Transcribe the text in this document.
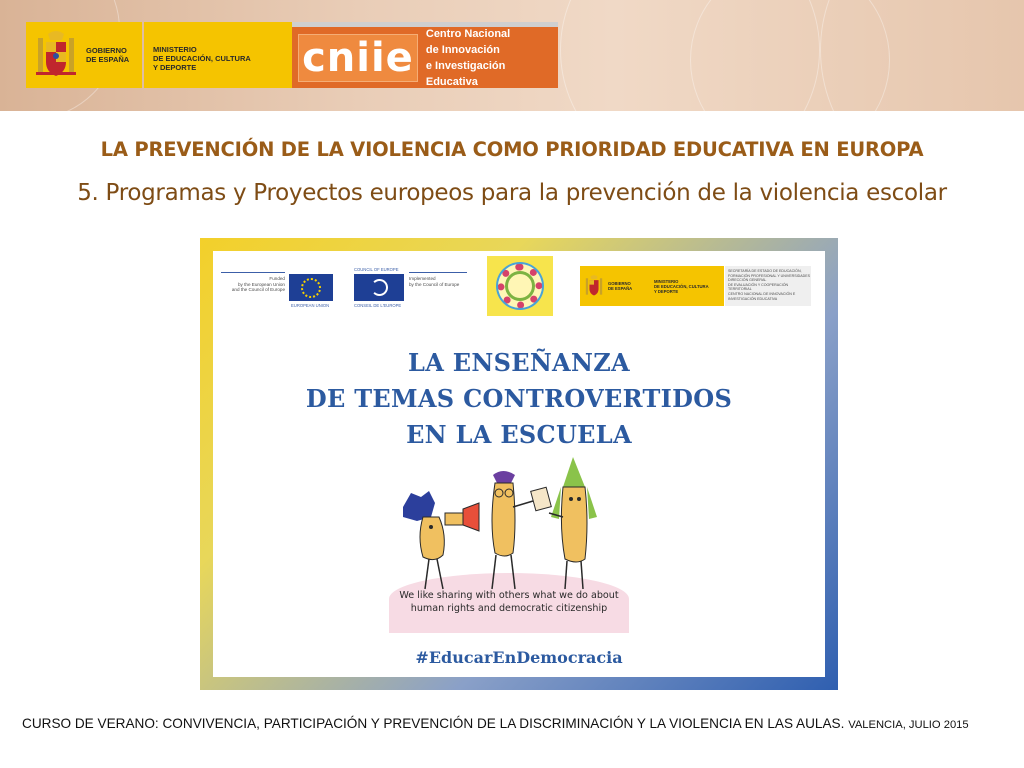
GOBIERNO
DE ESPAÑA
MINISTERIO
DE EDUCACIÓN, CULTURA
Y DEPORTE	cniie
Centro Nacional
de Innovación
e Investigación Educativa
LA PREVENCIÓN DE LA VIOLENCIA COMO PRIORIDAD EDUCATIVA EN EUROPA
5. Programas y Proyectos europeos para la prevención de la violencia escolar
Funded
by the European Union
and the Council of Europe
EUROPEAN UNION
COUNCIL OF EUROPE
CONSEIL DE L'EUROPE
Implemented
by the Council of Europe	GOBIERNO
DE ESPAÑA
MINISTERIO
DE EDUCACIÓN, CULTURA
Y DEPORTE
SECRETARÍA DE ESTADO DE EDUCACIÓN,
FORMACIÓN PROFESIONAL Y UNIVERSIDADES
DIRECCIÓN GENERAL
DE EVALUACIÓN Y COOPERACIÓN TERRITORIAL
CENTRO NACIONAL DE INNOVACIÓN E
INVESTIGACIÓN EDUCATIVA
LA ENSEÑANZA
DE TEMAS CONTROVERTIDOS
EN LA ESCUELA
We like sharing with others what we do about
human rights and democratic citizenship
#EducarEnDemocracia
CURSO DE VERANO: CONVIVENCIA, PARTICIPACIÓN Y PREVENCIÓN DE LA DISCRIMINACIÓN Y LA VIOLENCIA EN LAS AULAS. VALENCIA, JULIO 2015
